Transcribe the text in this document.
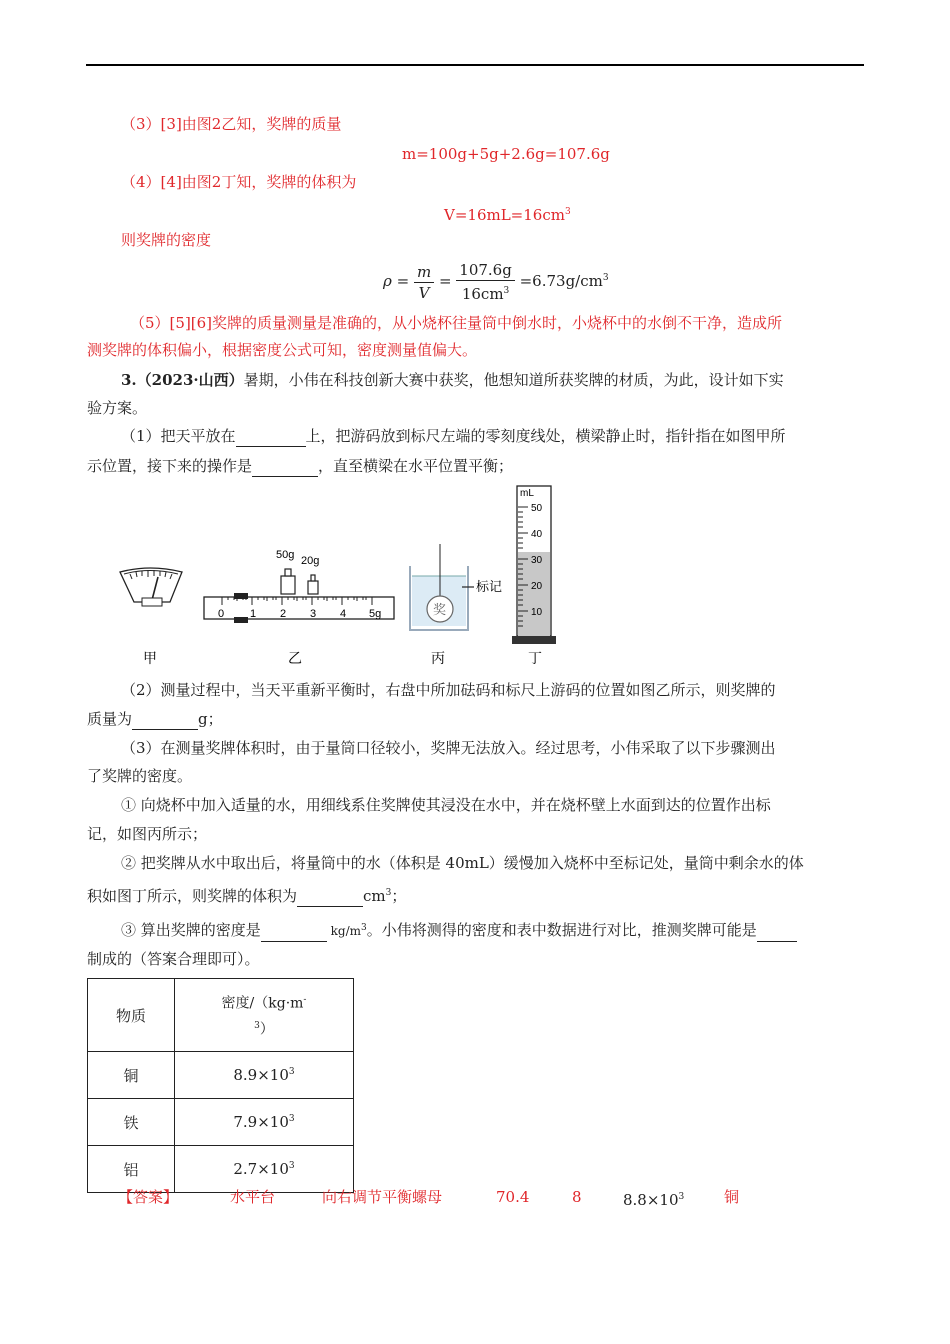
（3）[3]由图2乙知，奖牌的质量
m=100g+5g+2.6g=107.6g
（4）[4]由图2丁知，奖牌的体积为
$V=16mL=16cm^3$
则奖牌的密度
$\rho = \frac{m}{V} = \frac{107.6g}{16cm^3} =6.73g/cm^3$
（5）[5][6]奖牌的质量测量是准确的，从小烧杯往量筒中倒水时，小烧杯中的水倒不干净，造成所
测奖牌的体积偏小，根据密度公式可知，密度测量值偏大。
3.（2023·山西）暑期，小伟在科技创新大赛中获奖，他想知道所获奖牌的材质，为此，设计如下实
验方案。
（1）把天平放在	上，把游码放到标尺左端的零刻度线处，横梁静止时，指针指在如图甲所
示位置，接下来的操作是	，直至横梁在水平位置平衡；
0 1 2 3 4 5g
50g 20g
奖
标记
mL
50
40
30
20
10
甲	乙	丙	丁
（2）测量过程中，当天平重新平衡时，右盘中所加砝码和标尺上游码的位置如图乙所示，则奖牌的
质量为	g；
（3）在测量奖牌体积时，由于量筒口径较小，奖牌无法放入。经过思考，小伟采取了以下步骤测出
了奖牌的密度。
① 向烧杯中加入适量的水，用细线系住奖牌使其浸没在水中，并在烧杯壁上水面到达的位置作出标
记，如图丙所示；
② 把奖牌从水中取出后，将量筒中的水（体积是 40mL）缓慢加入烧杯中至标记处，量筒中剩余水的体
积如图丁所示，则奖牌的体积为	$cm^3$；
③ 算出奖牌的密度是	$kg/m^3$。小伟将测得的密度和表中数据进行对比，推测奖牌可能是
制成的（答案合理即可）。
物质	密度/（kg·m-
$^3$）
铜	$8.9\times 10^3$
铁	$7.9\times 10^3$
铝	$2.7\times 10^3$
【答案】	水平台	向右调节平衡螺母	70.4	8	$8.8\times 10^3$	铜
